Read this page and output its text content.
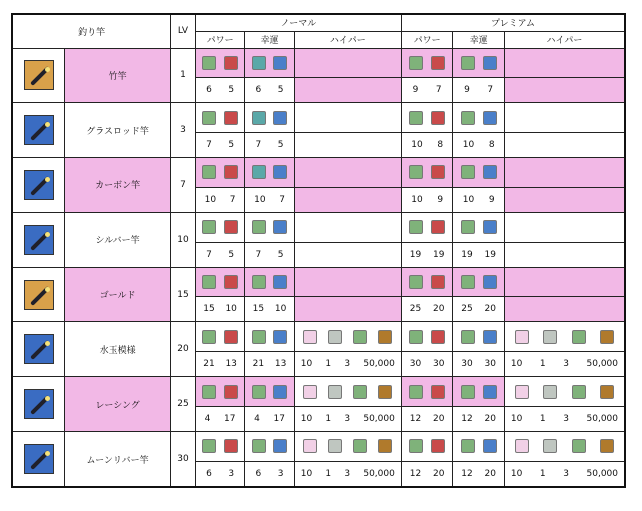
釣り竿		LV	ノーマル			プレミアム		
			パワー	幸運	ハイパー	パワー	幸運	ハイパー

	竹竿	1	

			6 5	6 5		9 7	9 7	

	グラスロッド竿	3	

			7 5	7 5		10 8	10 8	

	カーボン竿	7	

			10 7	10 7		10 9	10 9	

	シルバー竿	10	

			7 5	7 5		19 19	19 19	

	ゴールド	15	

			15 10	15 10		25 20	25 20	

	水玉模様	20	

			21 13	21 13	10 1 3 50,000	30 30	30 30	10 1 3 50,000

	レーシング	25	

			4 17	4 17	10 1 3 50,000	12 20	12 20	10 1 3 50,000

	ムーンリバー竿	30	

			6 3	6 3	10 1 3 50,000	12 20	12 20	10 1 3 50,000
